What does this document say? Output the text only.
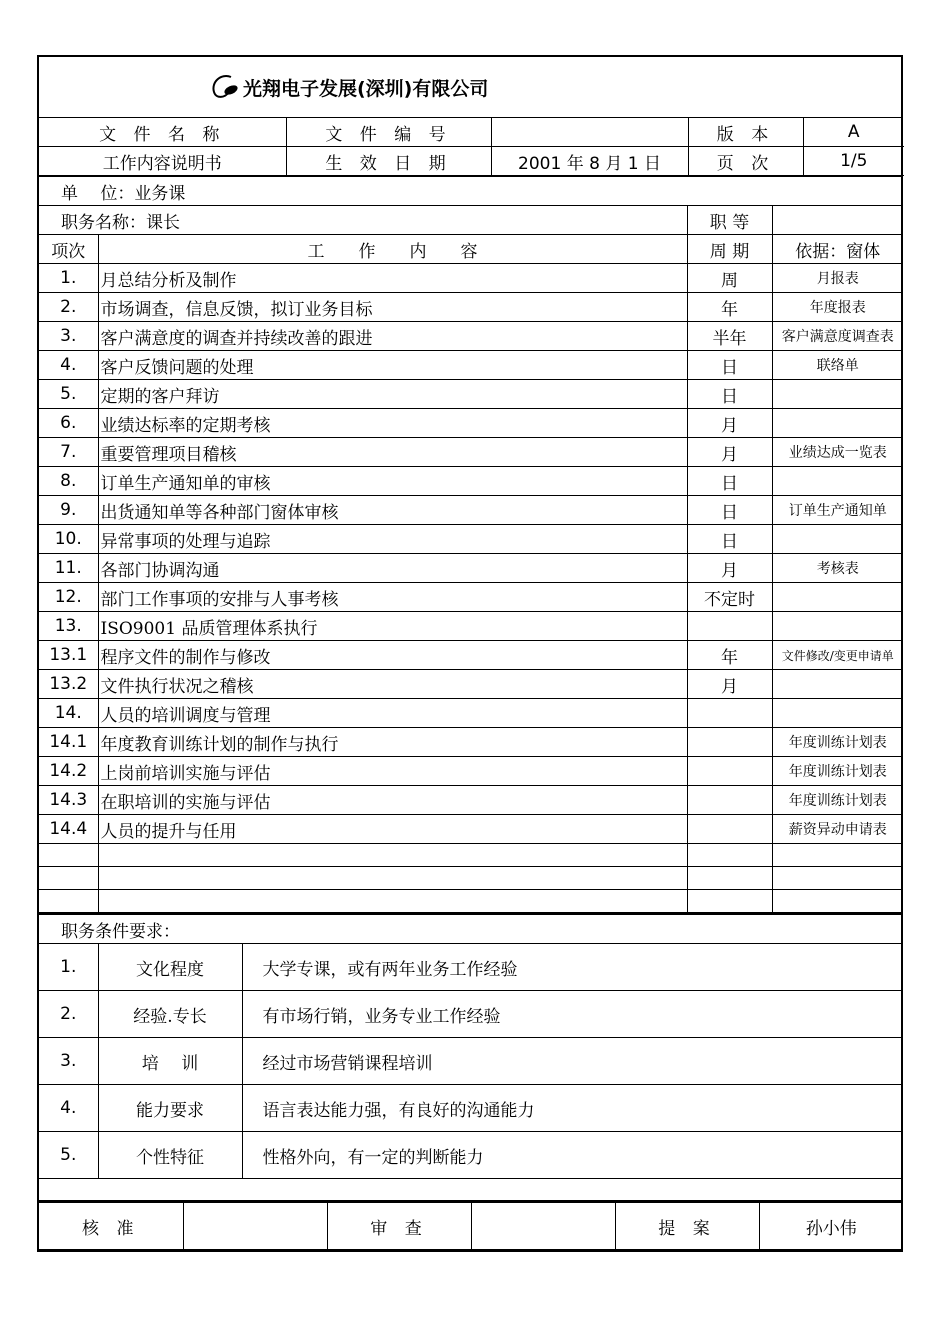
光翔电子发展(深圳)有限公司
文 件 名 称	文 件 编 号		版 本	A
工作内容说明书	生 效 日 期	2001 年 8 月 1 日	页 次	1/5
单　 位：业务课			
职务名称：课长		职 等	
项次	工　　作　　内　　容	周 期	依据：窗体
1.	月总结分析及制作	周	月报表
2.	市场调查，信息反馈，拟订业务目标	年	年度报表
3.	客户满意度的调查并持续改善的跟进	半年	客户满意度调查表
4.	客户反馈问题的处理	日	联络单
5.	定期的客户拜访	日	
6.	业绩达标率的定期考核	月	
7.	重要管理项目稽核	月	业绩达成一览表
8.	订单生产通知单的审核	日	
9.	出货通知单等各种部门窗体审核	日	订单生产通知单
10.	异常事项的处理与追踪	日	
11.	各部门协调沟通	月	考核表
12.	部门工作事项的安排与人事考核	不定时	
13.	ISO9001 品质管理体系执行		
13.1	程序文件的制作与修改	年	文件修改/变更申请单
13.2	文件执行状况之稽核	月	
14.	人员的培训调度与管理		
14.1	年度教育训练计划的制作与执行		年度训练计划表
14.2	上岗前培训实施与评估		年度训练计划表
14.3	在职培训的实施与评估		年度训练计划表
14.4	人员的提升与任用		薪资异动申请表

职务条件要求：		
1.	文化程度	大学专课，或有两年业务工作经验
2.	经验.专长	有市场行销，业务专业工作经验
3.	培　 训	经过市场营销课程培训
4.	能力要求	语言表达能力强，有良好的沟通能力
5.	个性特征	性格外向，有一定的判断能力

核 准		审 查		提 案	孙小伟
